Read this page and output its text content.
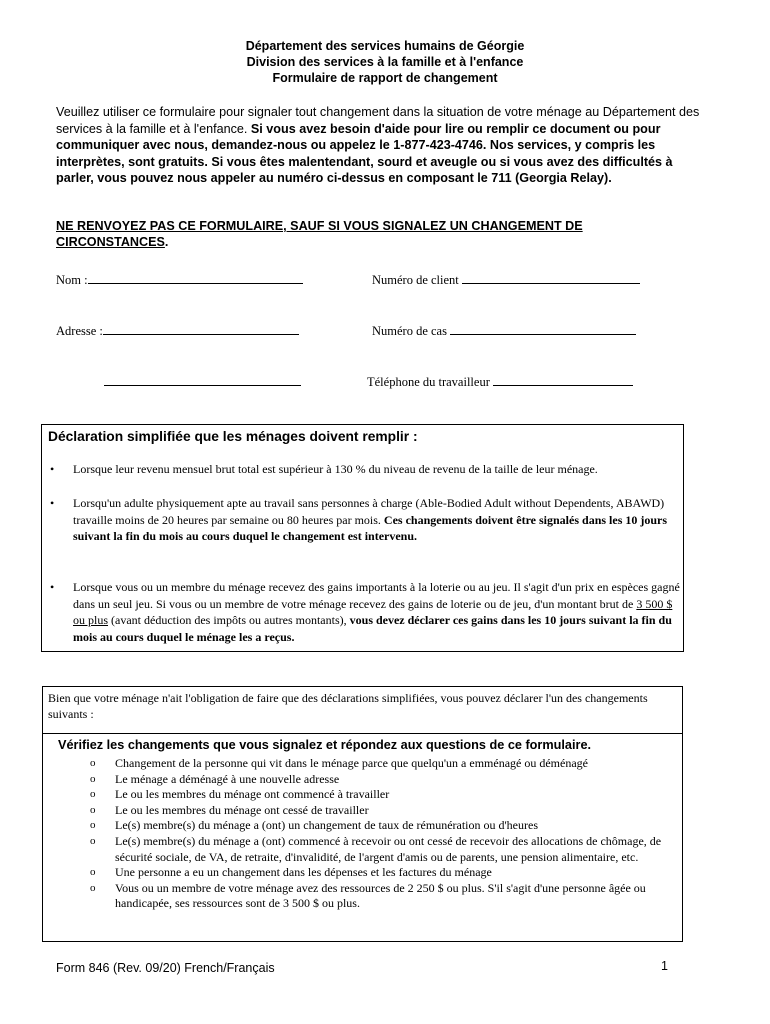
Département des services humains de Géorgie
Division des services à la famille et à l'enfance
Formulaire de rapport de changement
Veuillez utiliser ce formulaire pour signaler tout changement dans la situation de votre ménage au Département des services à la famille et à l'enfance. Si vous avez besoin d'aide pour lire ou remplir ce document ou pour communiquer avec nous, demandez-nous ou appelez le 1-877-423-4746. Nos services, y compris les interprètes, sont gratuits. Si vous êtes malentendant, sourd et aveugle ou si vous avez des difficultés à parler, vous pouvez nous appeler au numéro ci-dessus en composant le 711 (Georgia Relay).
NE RENVOYEZ PAS CE FORMULAIRE, SAUF SI VOUS SIGNALEZ UN CHANGEMENT DE CIRCONSTANCES.
Nom :	Numéro de client
Adresse :	Numéro de cas
Téléphone du travailleur
Déclaration simplifiée que les ménages doivent remplir :
• Lorsque leur revenu mensuel brut total est supérieur à 130 % du niveau de revenu de la taille de leur ménage.
• Lorsqu'un adulte physiquement apte au travail sans personnes à charge (Able-Bodied Adult without Dependents, ABAWD) travaille moins de 20 heures par semaine ou 80 heures par mois. Ces changements doivent être signalés dans les 10 jours suivant la fin du mois au cours duquel le changement est intervenu.
• Lorsque vous ou un membre du ménage recevez des gains importants à la loterie ou au jeu. Il s'agit d'un prix en espèces gagné dans un seul jeu. Si vous ou un membre de votre ménage recevez des gains de loterie ou de jeu, d'un montant brut de 3 500 $ ou plus (avant déduction des impôts ou autres montants), vous devez déclarer ces gains dans les 10 jours suivant la fin du mois au cours duquel le ménage les a reçus.
Bien que votre ménage n'ait l'obligation de faire que des déclarations simplifiées, vous pouvez déclarer l'un des changements suivants :
Vérifiez les changements que vous signalez et répondez aux questions de ce formulaire.
o Changement de la personne qui vit dans le ménage parce que quelqu'un a emménagé ou déménagé
o Le ménage a déménagé à une nouvelle adresse
o Le ou les membres du ménage ont commencé à travailler
o Le ou les membres du ménage ont cessé de travailler
o Le(s) membre(s) du ménage a (ont) un changement de taux de rémunération ou d'heures
o Le(s) membre(s) du ménage a (ont) commencé à recevoir ou ont cessé de recevoir des allocations de chômage, de sécurité sociale, de VA, de retraite, d'invalidité, de l'argent d'amis ou de parents, une pension alimentaire, etc.
o Une personne a eu un changement dans les dépenses et les factures du ménage
o Vous ou un membre de votre ménage avez des ressources de 2 250 $ ou plus. S'il s'agit d'une personne âgée ou handicapée, ses ressources sont de 3 500 $ ou plus.
Form 846 (Rev. 09/20) French/Français	1
